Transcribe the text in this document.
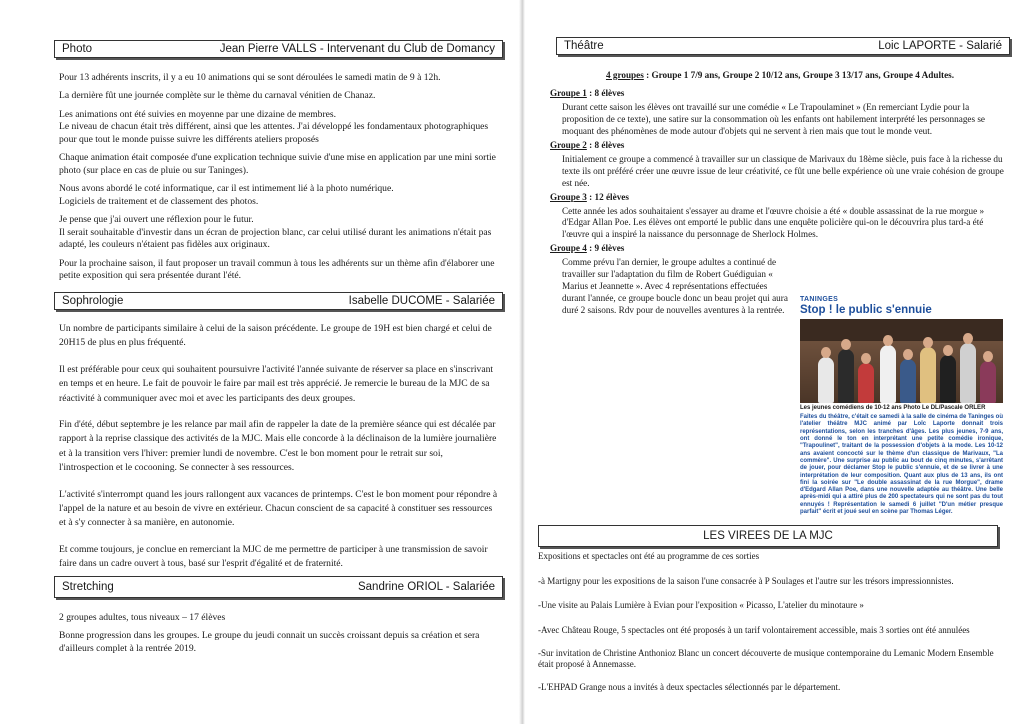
Photo	Jean Pierre VALLS - Intervenant du Club de Domancy

Pour 13 adhérents inscrits, il y a eu 10 animations qui se sont déroulées le samedi matin de 9 à 12h.

La dernière fût une journée complète sur le thème du carnaval vénitien de Chanaz.

Les animations ont été suivies en moyenne par une dizaine de membres.

Le niveau de chacun était très différent, ainsi que les attentes. J'ai développé les fondamentaux photographiques pour que tout le monde puisse suivre les différents ateliers proposés

Chaque animation était composée d'une explication technique suivie d'une mise en application par une mini sortie photo (sur place en cas de pluie ou sur Taninges).

Nous avons abordé le coté informatique, car il est intimement lié à la photo numérique.

Logiciels de traitement et de classement des photos.

Je pense que j'ai ouvert une réflexion pour le futur.

Il serait souhaitable d'investir dans un écran de projection blanc, car celui utilisé durant les animations n'était pas adapté, les couleurs n'étaient pas fidèles aux originaux.

Pour la prochaine saison, il faut proposer un travail commun à tous les adhérents sur un thème afin d'élaborer une petite exposition qui sera présentée durant l'été.

Sophrologie	Isabelle DUCOME - Salariée

Un nombre de participants similaire à celui de la saison précédente. Le groupe de 19H est bien chargé et celui de 20H15 de plus en plus fréquenté.

Il est préférable pour ceux qui souhaitent poursuivre l'activité l'année suivante de réserver sa place en s'inscrivant en temps et en heure. Le fait de pouvoir le faire par mail est très apprécié. Je remercie le bureau de la MJC de sa réactivité à communiquer avec moi et avec les participants des deux groupes.

Fin d'été, début septembre je les relance par mail afin de rappeler la date de la première séance qui est décalée par rapport à la reprise classique des activités de la MJC. Mais elle concorde à la déclinaison de la lumière journalière et à la transition vers l'hiver: premier lundi de novembre. C'est le bon moment pour le retrait sur soi, l'introspection et le cocooning. Se connecter à ses ressources.

L'activité s'interrompt quand les jours rallongent aux vacances de printemps. C'est le bon moment pour répondre à l'appel de la nature et au besoin de vivre en extérieur. Chacun conscient de sa capacité à constituer ses ressources et à s'y connecter à sa manière, en autonomie.

Et comme toujours, je conclue en remerciant la MJC de me permettre de participer à une transmission de savoir faire dans un cadre ouvert à tous, basé sur l'esprit d'égalité et de fraternité.

Stretching	Sandrine ORIOL - Salariée

2 groupes adultes, tous niveaux – 17 élèves

Bonne progression dans les groupes. Le groupe du jeudi connait un succès croissant depuis sa création et sera d'ailleurs complet à la rentrée 2019.

Théâtre	Loic LAPORTE - Salarié

4 groupes : Groupe 1 7/9 ans, Groupe 2 10/12 ans, Groupe 3 13/17 ans, Groupe 4 Adultes.

Groupe 1 : 8 élèves

Durant cette saison les élèves ont travaillé sur une comédie « Le Trapoulaminet » (En remerciant Lydie pour la proposition de ce texte), une satire sur la consommation où les enfants ont habilement interprété les personnages se moquant des phénomènes de mode autour d'objets qui ne servent à rien mais que tout le monde veut.

Groupe 2 : 8 élèves

Initialement ce groupe a commencé à travailler sur un classique de Marivaux du 18ème siècle, puis face à la richesse du texte ils ont préféré créer une œuvre issue de leur créativité, ce fût une belle expérience où une vraie cohésion de groupe est née.

Groupe 3 : 12 élèves

Cette année les ados souhaitaient s'essayer au drame et l'œuvre choisie a été « double assassinat de la rue morgue » d'Edgar Allan Poe. Les élèves ont emporté le public dans une enquête policière qui-on le découvrira plus tard-a été l'œuvre qui a inspiré la naissance du personnage de Sherlock Holmes.

Groupe 4 : 9 élèves

Comme prévu l'an dernier, le groupe adultes a continué de travailler sur l'adaptation du film de Robert Guédiguian « Marius et Jeannette ». Avec 4 représentations effectuées durant l'année, ce groupe boucle donc un beau projet qui aura duré 2 saisons. Rdv pour de nouvelles aventures à la rentrée.

TANINGES
Stop ! le public s'ennuie
Les jeunes comédiens de 10-12 ans Photo Le DL/Pascale ORLER
Faites du théâtre, c'était ce samedi à la salle de cinéma de Taninges où l'atelier théâtre MJC animé par Loïc Laporte donnait trois représentations, selon les tranches d'âges. Les plus jeunes, 7-9 ans, ont donné le ton en interprétant une petite comédie ironique, "Trapoulinet", traitant de la possession d'objets à la mode. Les 10-12 ans avaient concocté sur le thème d'un classique de Marivaux, "La commère". Une surprise au public au bout de cinq minutes, s'arrêtant de jouer, pour déclamer Stop le public s'ennuie, et de se livrer à une interprétation de leur composition. Quant aux plus de 13 ans, ils ont fini la soirée sur "Le double assassinat de la rue Morgue", drame d'Edgard Allan Poe, dans une nouvelle adaptée au théâtre. Une belle après-midi qui a attiré plus de 200 spectateurs qui ne sont pas du tout ennuyés ! Représentation le samedi 6 juillet "D'un métier presque parfait" écrit et joué seul en scène par Thomas Léger.
LES VIREES DE LA MJC

Expositions et spectacles ont été au programme de ces sorties

-à Martigny pour les expositions de la saison l'une consacrée à P Soulages et l'autre sur les trésors impressionnistes.

-Une visite au Palais Lumière à Evian pour l'exposition « Picasso, L'atelier du minotaure »

-Avec Château Rouge, 5 spectacles ont été proposés à un tarif volontairement accessible, mais 3 sorties ont été annulées

-Sur invitation de Christine Anthonioz Blanc un concert découverte de musique contemporaine du Lemanic Modern Ensemble était proposé à Annemasse.

-L'EHPAD Grange nous a invités à deux spectacles sélectionnés par le département.
